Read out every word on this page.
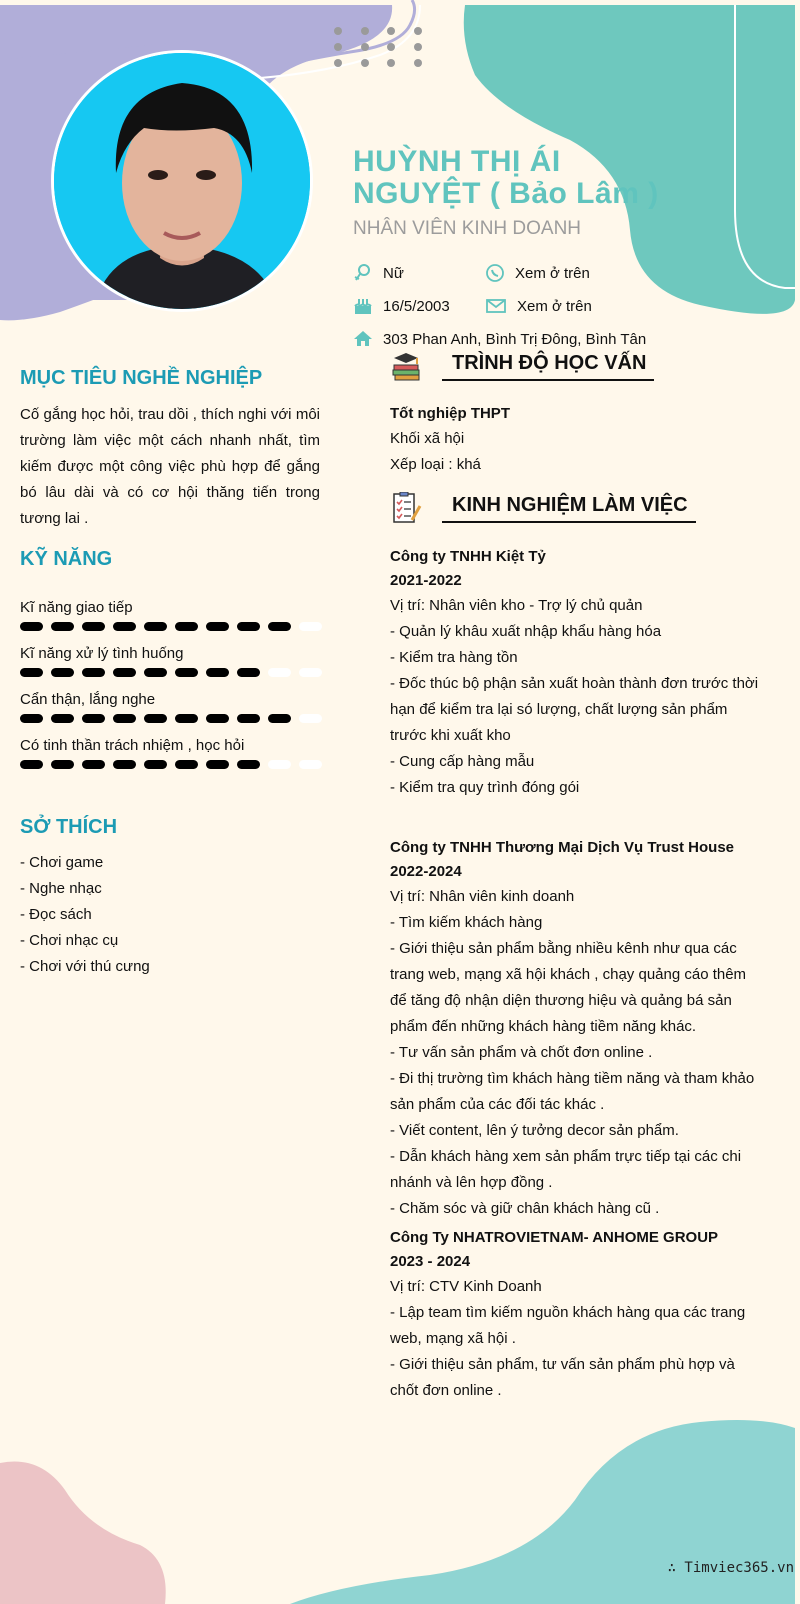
HUỲNH THỊ ÁI NGUYỆT ( Bảo Lâm )
NHÂN VIÊN KINH DOANH
Nữ	Xem ở trên
16/5/2003	Xem ở trên
303 Phan Anh, Bình Trị Đông, Bình Tân
MỤC TIÊU NGHỀ NGHIỆP

Cố gắng học hỏi, trau dồi , thích nghi với môi trường làm việc một cách nhanh nhất, tìm kiếm được một công việc phù hợp để gắng bó lâu dài và có cơ hội thăng tiến trong tương lai .

KỸ NĂNG
Kĩ năng giao tiếp
Kĩ năng xử lý tình huống
Cẩn thận, lắng nghe
Có tinh thần trách nhiệm , học hỏi
SỞ THÍCH
- Chơi game
- Nghe nhạc
- Đọc sách
- Chơi nhạc cụ
- Chơi với thú cưng
TRÌNH ĐỘ HỌC VẤN
Tốt nghiệp THPT
Khối xã hội
Xếp loại : khá
KINH NGHIỆM LÀM VIỆC
Công ty TNHH Kiệt Tỷ
2021-2022
Vị trí: Nhân viên kho - Trợ lý chủ quản
- Quản lý khâu xuất nhập khẩu hàng hóa
- Kiểm tra hàng tồn
- Đốc thúc bộ phận sản xuất hoàn thành đơn trước thời hạn để kiểm tra lại só lượng, chất lượng sản phẩm trước khi xuất kho
- Cung cấp hàng mẫu
- Kiểm tra quy trình đóng gói
Công ty TNHH Thương Mại Dịch Vụ Trust House
2022-2024
Vị trí: Nhân viên kinh doanh
- Tìm kiếm khách hàng
- Giới thiệu sản phẩm bằng nhiều kênh như qua các trang web, mạng xã hội khách , chạy quảng cáo thêm để tăng độ nhận diện thương hiệu và quảng bá sản phẩm đến những khách hàng tiềm năng khác.
- Tư vấn sản phẩm và chốt đơn online .
- Đi thị trường tìm khách hàng tiềm năng và tham khảo sản phẩm của các đối tác khác .
- Viết content, lên ý tưởng decor sản phẩm.
- Dẫn khách hàng xem sản phẩm trực tiếp tại các chi nhánh và lên hợp đồng .
- Chăm sóc và giữ chân khách hàng cũ .
Công Ty NHATROVIETNAM- ANHOME GROUP
2023 - 2024
Vị trí: CTV Kinh Doanh
- Lập team tìm kiếm nguồn khách hàng qua các trang web, mạng xã hội .
- Giới thiệu sản phẩm, tư vấn sản phẩm phù hợp và chốt đơn online .
∴ Timviec365.vn
